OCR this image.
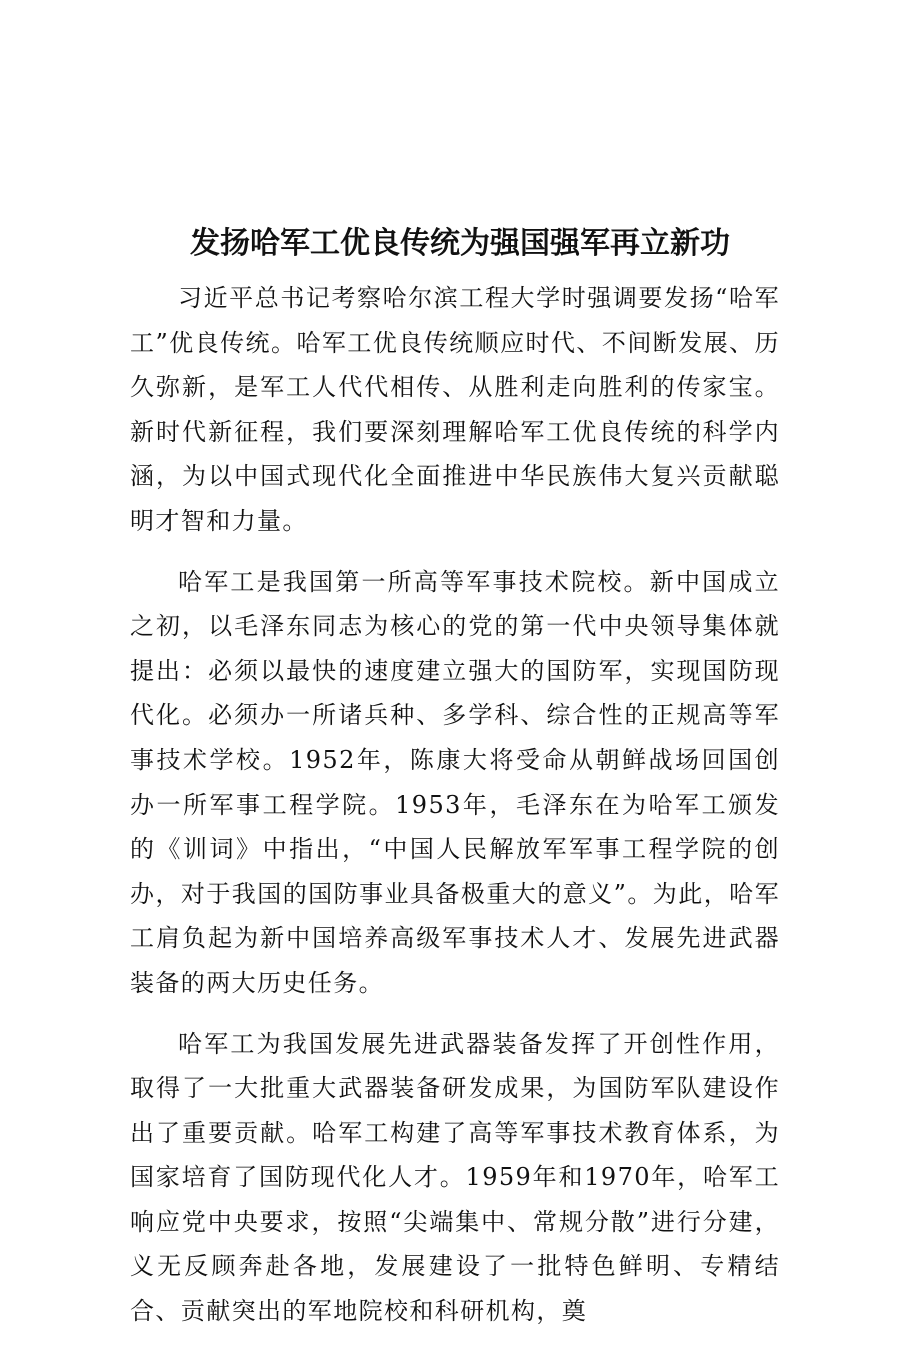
发扬哈军工优良传统为强国强军再立新功

习近平总书记考察哈尔滨工程大学时强调要发扬“哈军工”优良传统。哈军工优良传统顺应时代、不间断发展、历久弥新，是军工人代代相传、从胜利走向胜利的传家宝。新时代新征程，我们要深刻理解哈军工优良传统的科学内涵，为以中国式现代化全面推进中华民族伟大复兴贡献聪明才智和力量。

哈军工是我国第一所高等军事技术院校。新中国成立之初，以毛泽东同志为核心的党的第一代中央领导集体就提出：必须以最快的速度建立强大的国防军，实现国防现代化。必须办一所诸兵种、多学科、综合性的正规高等军事技术学校。1952年，陈康大将受命从朝鲜战场回国创办一所军事工程学院。1953年，毛泽东在为哈军工颁发的《训词》中指出，“中国人民解放军军事工程学院的创办，对于我国的国防事业具备极重大的意义”。为此，哈军工肩负起为新中国培养高级军事技术人才、发展先进武器装备的两大历史任务。

哈军工为我国发展先进武器装备发挥了开创性作用，取得了一大批重大武器装备研发成果，为国防军队建设作出了重要贡献。哈军工构建了高等军事技术教育体系，为国家培育了国防现代化人才。1959年和1970年，哈军工响应党中央要求，按照“尖端集中、常规分散”进行分建，义无反顾奔赴各地，发展建设了一批特色鲜明、专精结合、贡献突出的军地院校和科研机构，奠
